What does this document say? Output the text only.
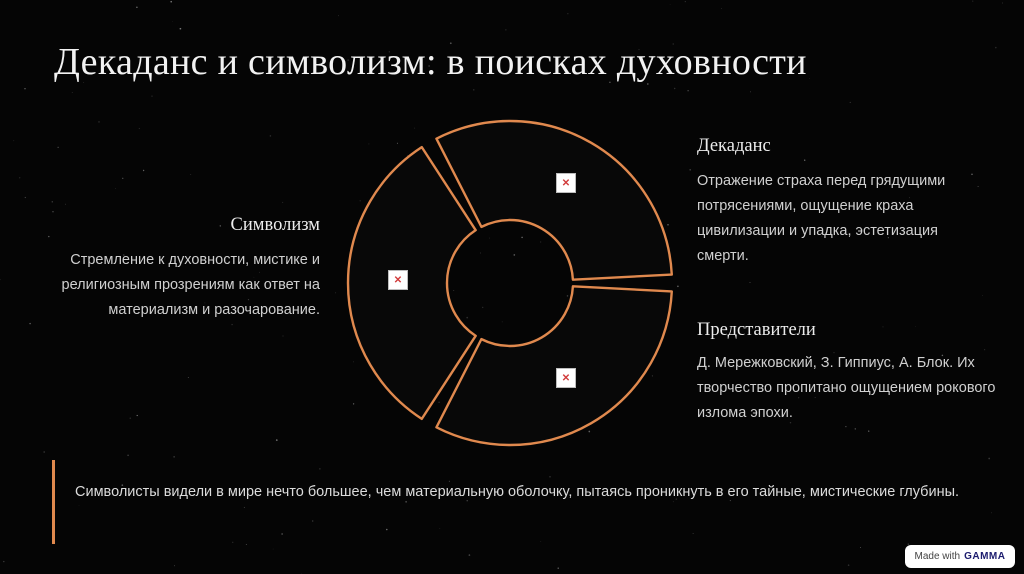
Декаданс и символизм: в поисках духовности
Символизм

Стремление к духовности, мистике и религиозным прозрениям как ответ на материализм и разочарование.

✕
✕
✕
Декаданс

Отражение страха перед грядущими потрясениями, ощущение краха цивилизации и упадка, эстетизация смерти.

Представители

Д. Мережковский, З. Гиппиус, А. Блок. Их творчество пропитано ощущением рокового излома эпохи.

Символисты видели в мире нечто большее, чем материальную оболочку, пытаясь проникнуть в его тайные, мистические глубины.

Made with GAMMA
